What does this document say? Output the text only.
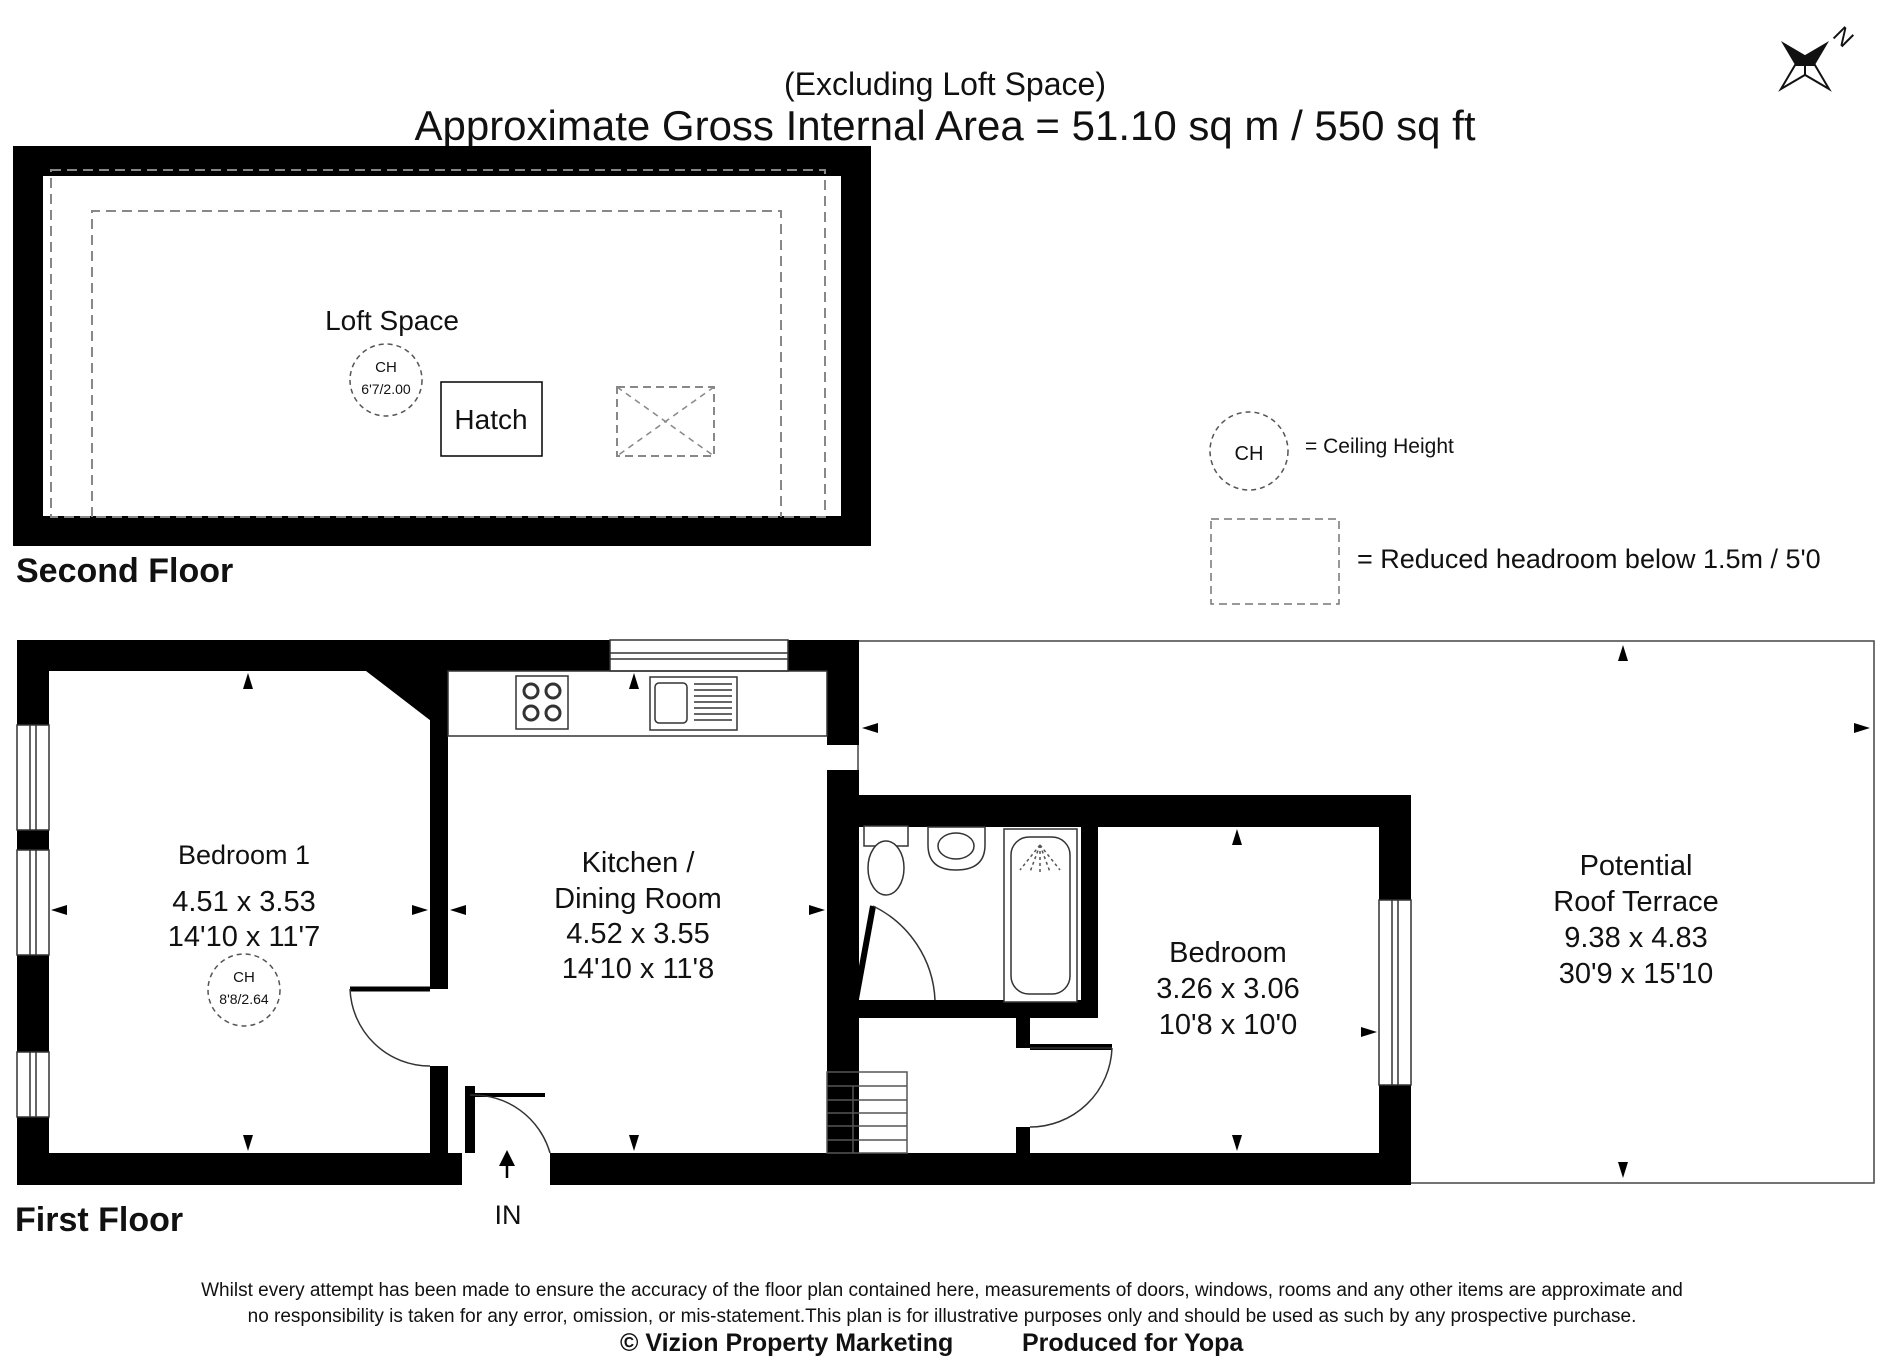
(Excluding Loft Space)
Approximate Gross Internal Area = 51.10 sq m / 550 sq ft
N
Loft Space
CH
6'7/2.00
Hatch
Second Floor
CH = Ceiling Height
= Reduced headroom below 1.5m / 5'0
Bedroom 1
4.51 x 3.53
14'10 x 11'7
CH
8'8/2.64
Kitchen /
Dining Room
4.52 x 3.55
14'10 x 11'8	Bedroom
3.26 x 3.06
10'8 x 10'0
Potential
Roof Terrace
9.38 x 4.83
30'9 x 15'10
IN
First Floor
Whilst every attempt has been made to ensure the accuracy of the floor plan contained here, measurements of doors, windows, rooms and any other items are approximate and
no responsibility is taken for any error, omission, or mis-statement.This plan is for illustrative purposes only and should be used as such by any prospective purchase.
© Vizion Property Marketing	Produced for Yopa
